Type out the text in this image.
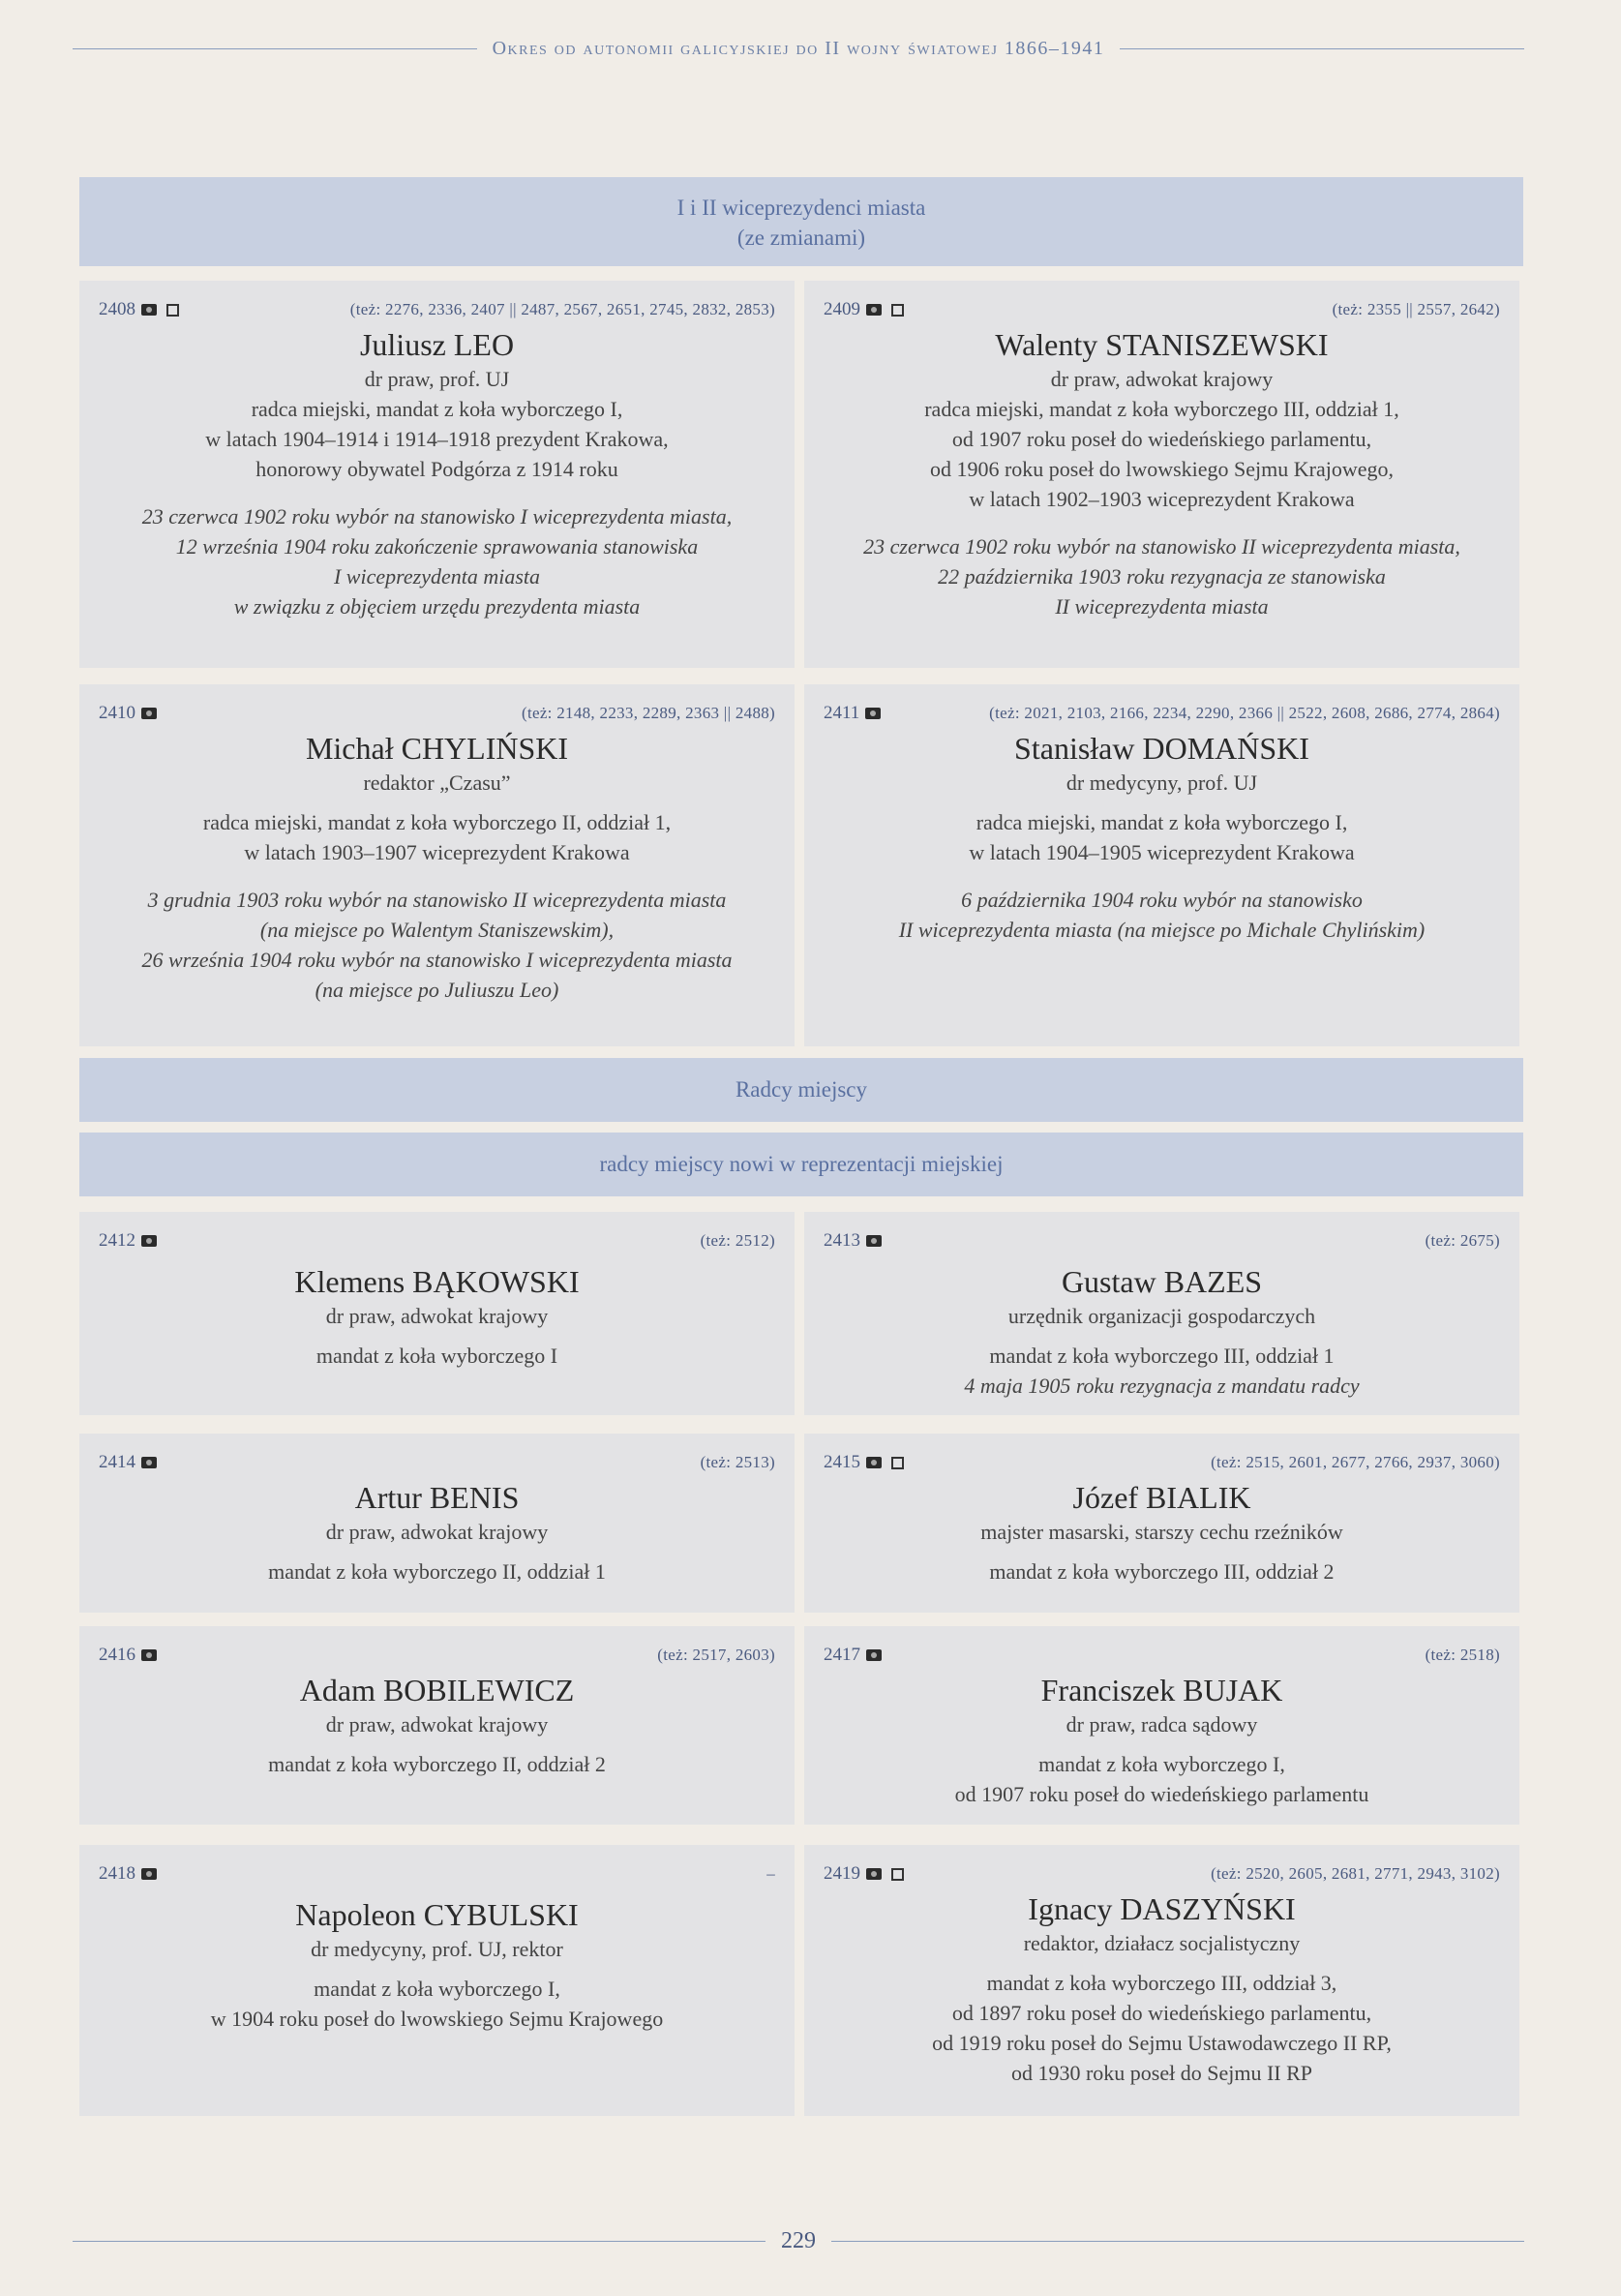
Okres od autonomii galicyjskiej do II wojny światowej 1866–1941
I i II wiceprezydenci miasta
(ze zmianami)
2408	(też: 2276, 2336, 2407 || 2487, 2567, 2651, 2745, 2832, 2853)
Juliusz LEO
dr praw, prof. UJ
radca miejski, mandat z koła wyborczego I,
w latach 1904–1914 i 1914–1918 prezydent Krakowa,
honorowy obywatel Podgórza z 1914 roku
23 czerwca 1902 roku wybór na stanowisko I wiceprezydenta miasta,
12 września 1904 roku zakończenie sprawowania stanowiska
I wiceprezydenta miasta
w związku z objęciem urzędu prezydenta miasta
2409	(też: 2355 || 2557, 2642)
Walenty STANISZEWSKI
dr praw, adwokat krajowy
radca miejski, mandat z koła wyborczego III, oddział 1,
od 1907 roku poseł do wiedeńskiego parlamentu,
od 1906 roku poseł do lwowskiego Sejmu Krajowego,
w latach 1902–1903 wiceprezydent Krakowa
23 czerwca 1902 roku wybór na stanowisko II wiceprezydenta miasta,
22 października 1903 roku rezygnacja ze stanowiska
II wiceprezydenta miasta
2410	(też: 2148, 2233, 2289, 2363 || 2488)
Michał CHYLIŃSKI
redaktor „Czasu”
radca miejski, mandat z koła wyborczego II, oddział 1,
w latach 1903–1907 wiceprezydent Krakowa
3 grudnia 1903 roku wybór na stanowisko II wiceprezydenta miasta
(na miejsce po Walentym Staniszewskim),
26 września 1904 roku wybór na stanowisko I wiceprezydenta miasta
(na miejsce po Juliuszu Leo)
2411	(też: 2021, 2103, 2166, 2234, 2290, 2366 || 2522, 2608, 2686, 2774, 2864)
Stanisław DOMAŃSKI
dr medycyny, prof. UJ
radca miejski, mandat z koła wyborczego I,
w latach 1904–1905 wiceprezydent Krakowa
6 października 1904 roku wybór na stanowisko
II wiceprezydenta miasta (na miejsce po Michale Chylińskim)
Radcy miejscy
radcy miejscy nowi w reprezentacji miejskiej
2412	(też: 2512)
Klemens BĄKOWSKI
dr praw, adwokat krajowy
mandat z koła wyborczego I
2413	(też: 2675)
Gustaw BAZES
urzędnik organizacji gospodarczych
mandat z koła wyborczego III, oddział 1
4 maja 1905 roku rezygnacja z mandatu radcy
2414	(też: 2513)
Artur BENIS
dr praw, adwokat krajowy
mandat z koła wyborczego II, oddział 1
2415	(też: 2515, 2601, 2677, 2766, 2937, 3060)
Józef BIALIK
majster masarski, starszy cechu rzeźników
mandat z koła wyborczego III, oddział 2
2416	(też: 2517, 2603)
Adam BOBILEWICZ
dr praw, adwokat krajowy
mandat z koła wyborczego II, oddział 2
2417	(też: 2518)
Franciszek BUJAK
dr praw, radca sądowy
mandat z koła wyborczego I,
od 1907 roku poseł do wiedeńskiego parlamentu
2418	–
Napoleon CYBULSKI
dr medycyny, prof. UJ, rektor
mandat z koła wyborczego I,
w 1904 roku poseł do lwowskiego Sejmu Krajowego
2419	(też: 2520, 2605, 2681, 2771, 2943, 3102)
Ignacy DASZYŃSKI
redaktor, działacz socjalistyczny
mandat z koła wyborczego III, oddział 3,
od 1897 roku poseł do wiedeńskiego parlamentu,
od 1919 roku poseł do Sejmu Ustawodawczego II RP,
od 1930 roku poseł do Sejmu II RP
229
